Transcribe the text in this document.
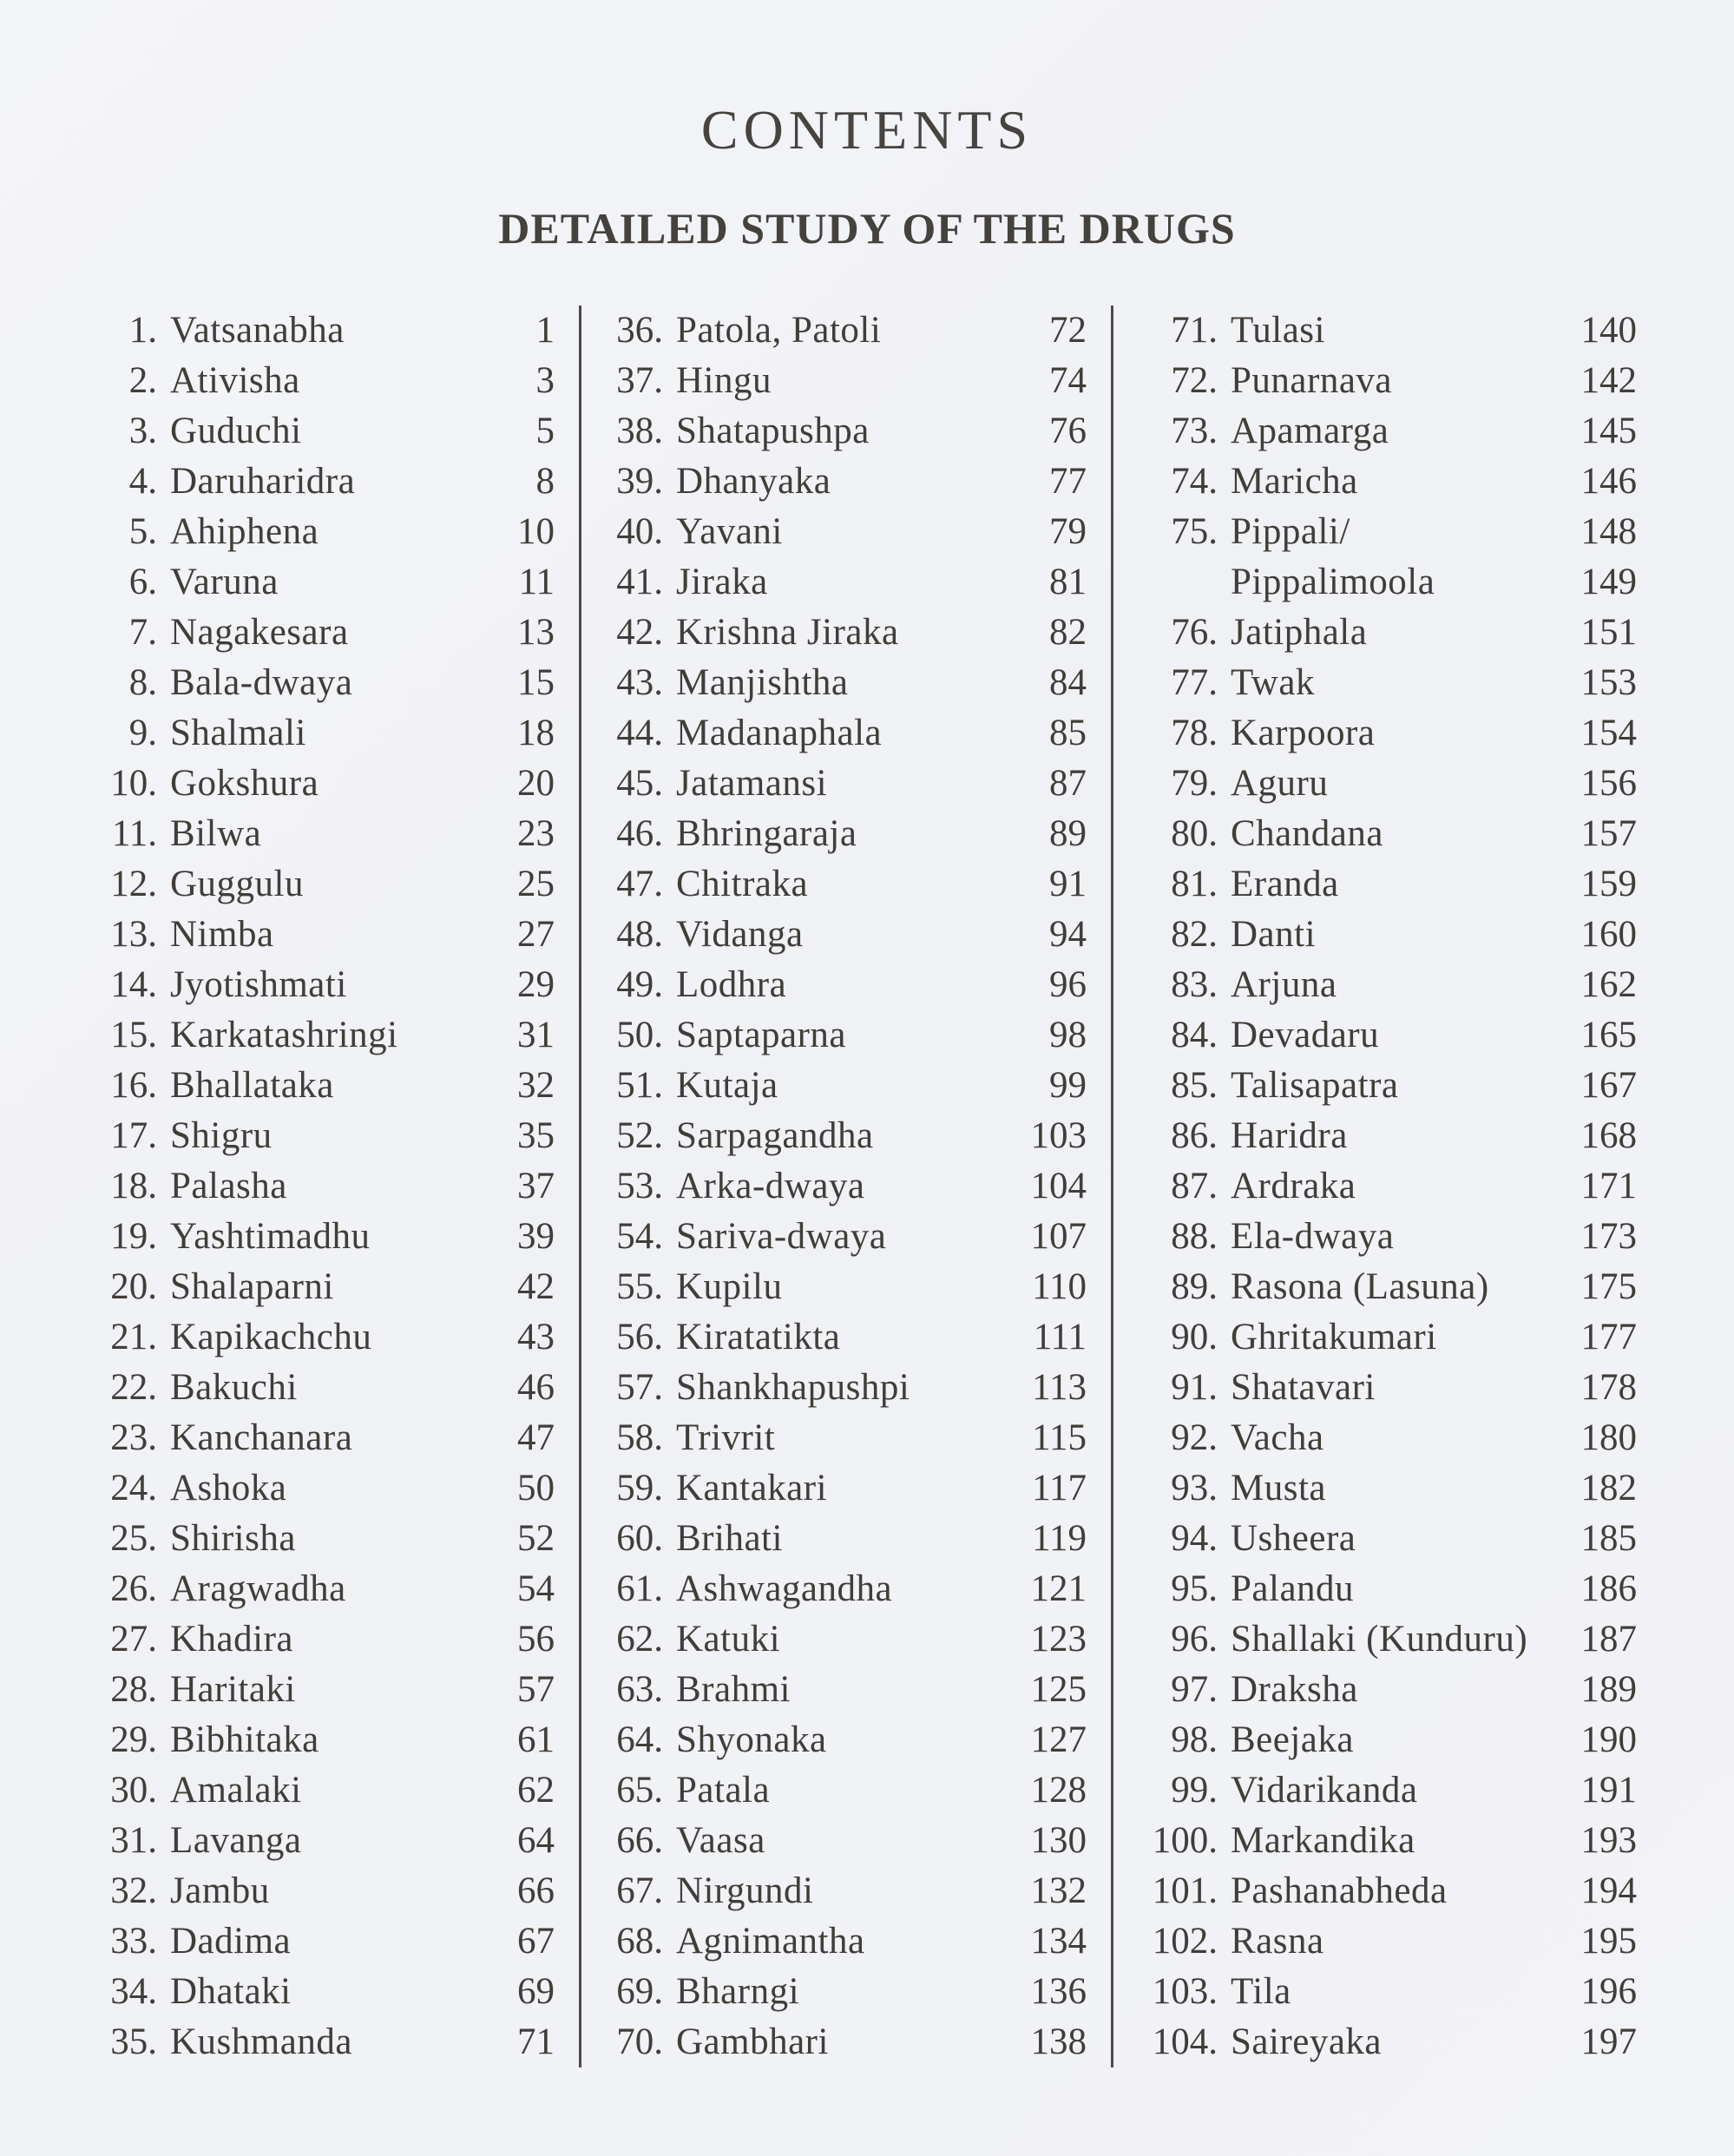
CONTENTS
DETAILED STUDY OF THE DRUGS
1. Vatsanabha	1
2. Ativisha	3
3. Guduchi	5
4. Daruharidra	8
5. Ahiphena	10
6. Varuna	11
7. Nagakesara	13
8. Bala-dwaya	15
9. Shalmali	18
10. Gokshura	20
11. Bilwa	23
12. Guggulu	25
13. Nimba	27
14. Jyotishmati	29
15. Karkatashringi	31
16. Bhallataka	32
17. Shigru	35
18. Palasha	37
19. Yashtimadhu	39
20. Shalaparni	42
21. Kapikachchu	43
22. Bakuchi	46
23. Kanchanara	47
24. Ashoka	50
25. Shirisha	52
26. Aragwadha	54
27. Khadira	56
28. Haritaki	57
29. Bibhitaka	61
30. Amalaki	62
31. Lavanga	64
32. Jambu	66
33. Dadima	67
34. Dhataki	69
35. Kushmanda	71
36. Patola, Patoli	72
37. Hingu	74
38. Shatapushpa	76
39. Dhanyaka	77
40. Yavani	79
41. Jiraka	81
42. Krishna Jiraka	82
43. Manjishtha	84
44. Madanaphala	85
45. Jatamansi	87
46. Bhringaraja	89
47. Chitraka	91
48. Vidanga	94
49. Lodhra	96
50. Saptaparna	98
51. Kutaja	99
52. Sarpagandha	103
53. Arka-dwaya	104
54. Sariva-dwaya	107
55. Kupilu	110
56. Kiratatikta	111
57. Shankhapushpi	113
58. Trivrit	115
59. Kantakari	117
60. Brihati	119
61. Ashwagandha	121
62. Katuki	123
63. Brahmi	125
64. Shyonaka	127
65. Patala	128
66. Vaasa	130
67. Nirgundi	132
68. Agnimantha	134
69. Bharngi	136
70. Gambhari	138
71. Tulasi	140
72. Punarnava	142
73. Apamarga	145
74. Maricha	146
75. Pippali/	148
Pippalimoola	149
76. Jatiphala	151
77. Twak	153
78. Karpoora	154
79. Aguru	156
80. Chandana	157
81. Eranda	159
82. Danti	160
83. Arjuna	162
84. Devadaru	165
85. Talisapatra	167
86. Haridra	168
87. Ardraka	171
88. Ela-dwaya	173
89. Rasona (Lasuna)	175
90. Ghritakumari	177
91. Shatavari	178
92. Vacha	180
93. Musta	182
94. Usheera	185
95. Palandu	186
96. Shallaki (Kunduru)	187
97. Draksha	189
98. Beejaka	190
99. Vidarikanda	191
100. Markandika	193
101. Pashanabheda	194
102. Rasna	195
103. Tila	196
104. Saireyaka	197
